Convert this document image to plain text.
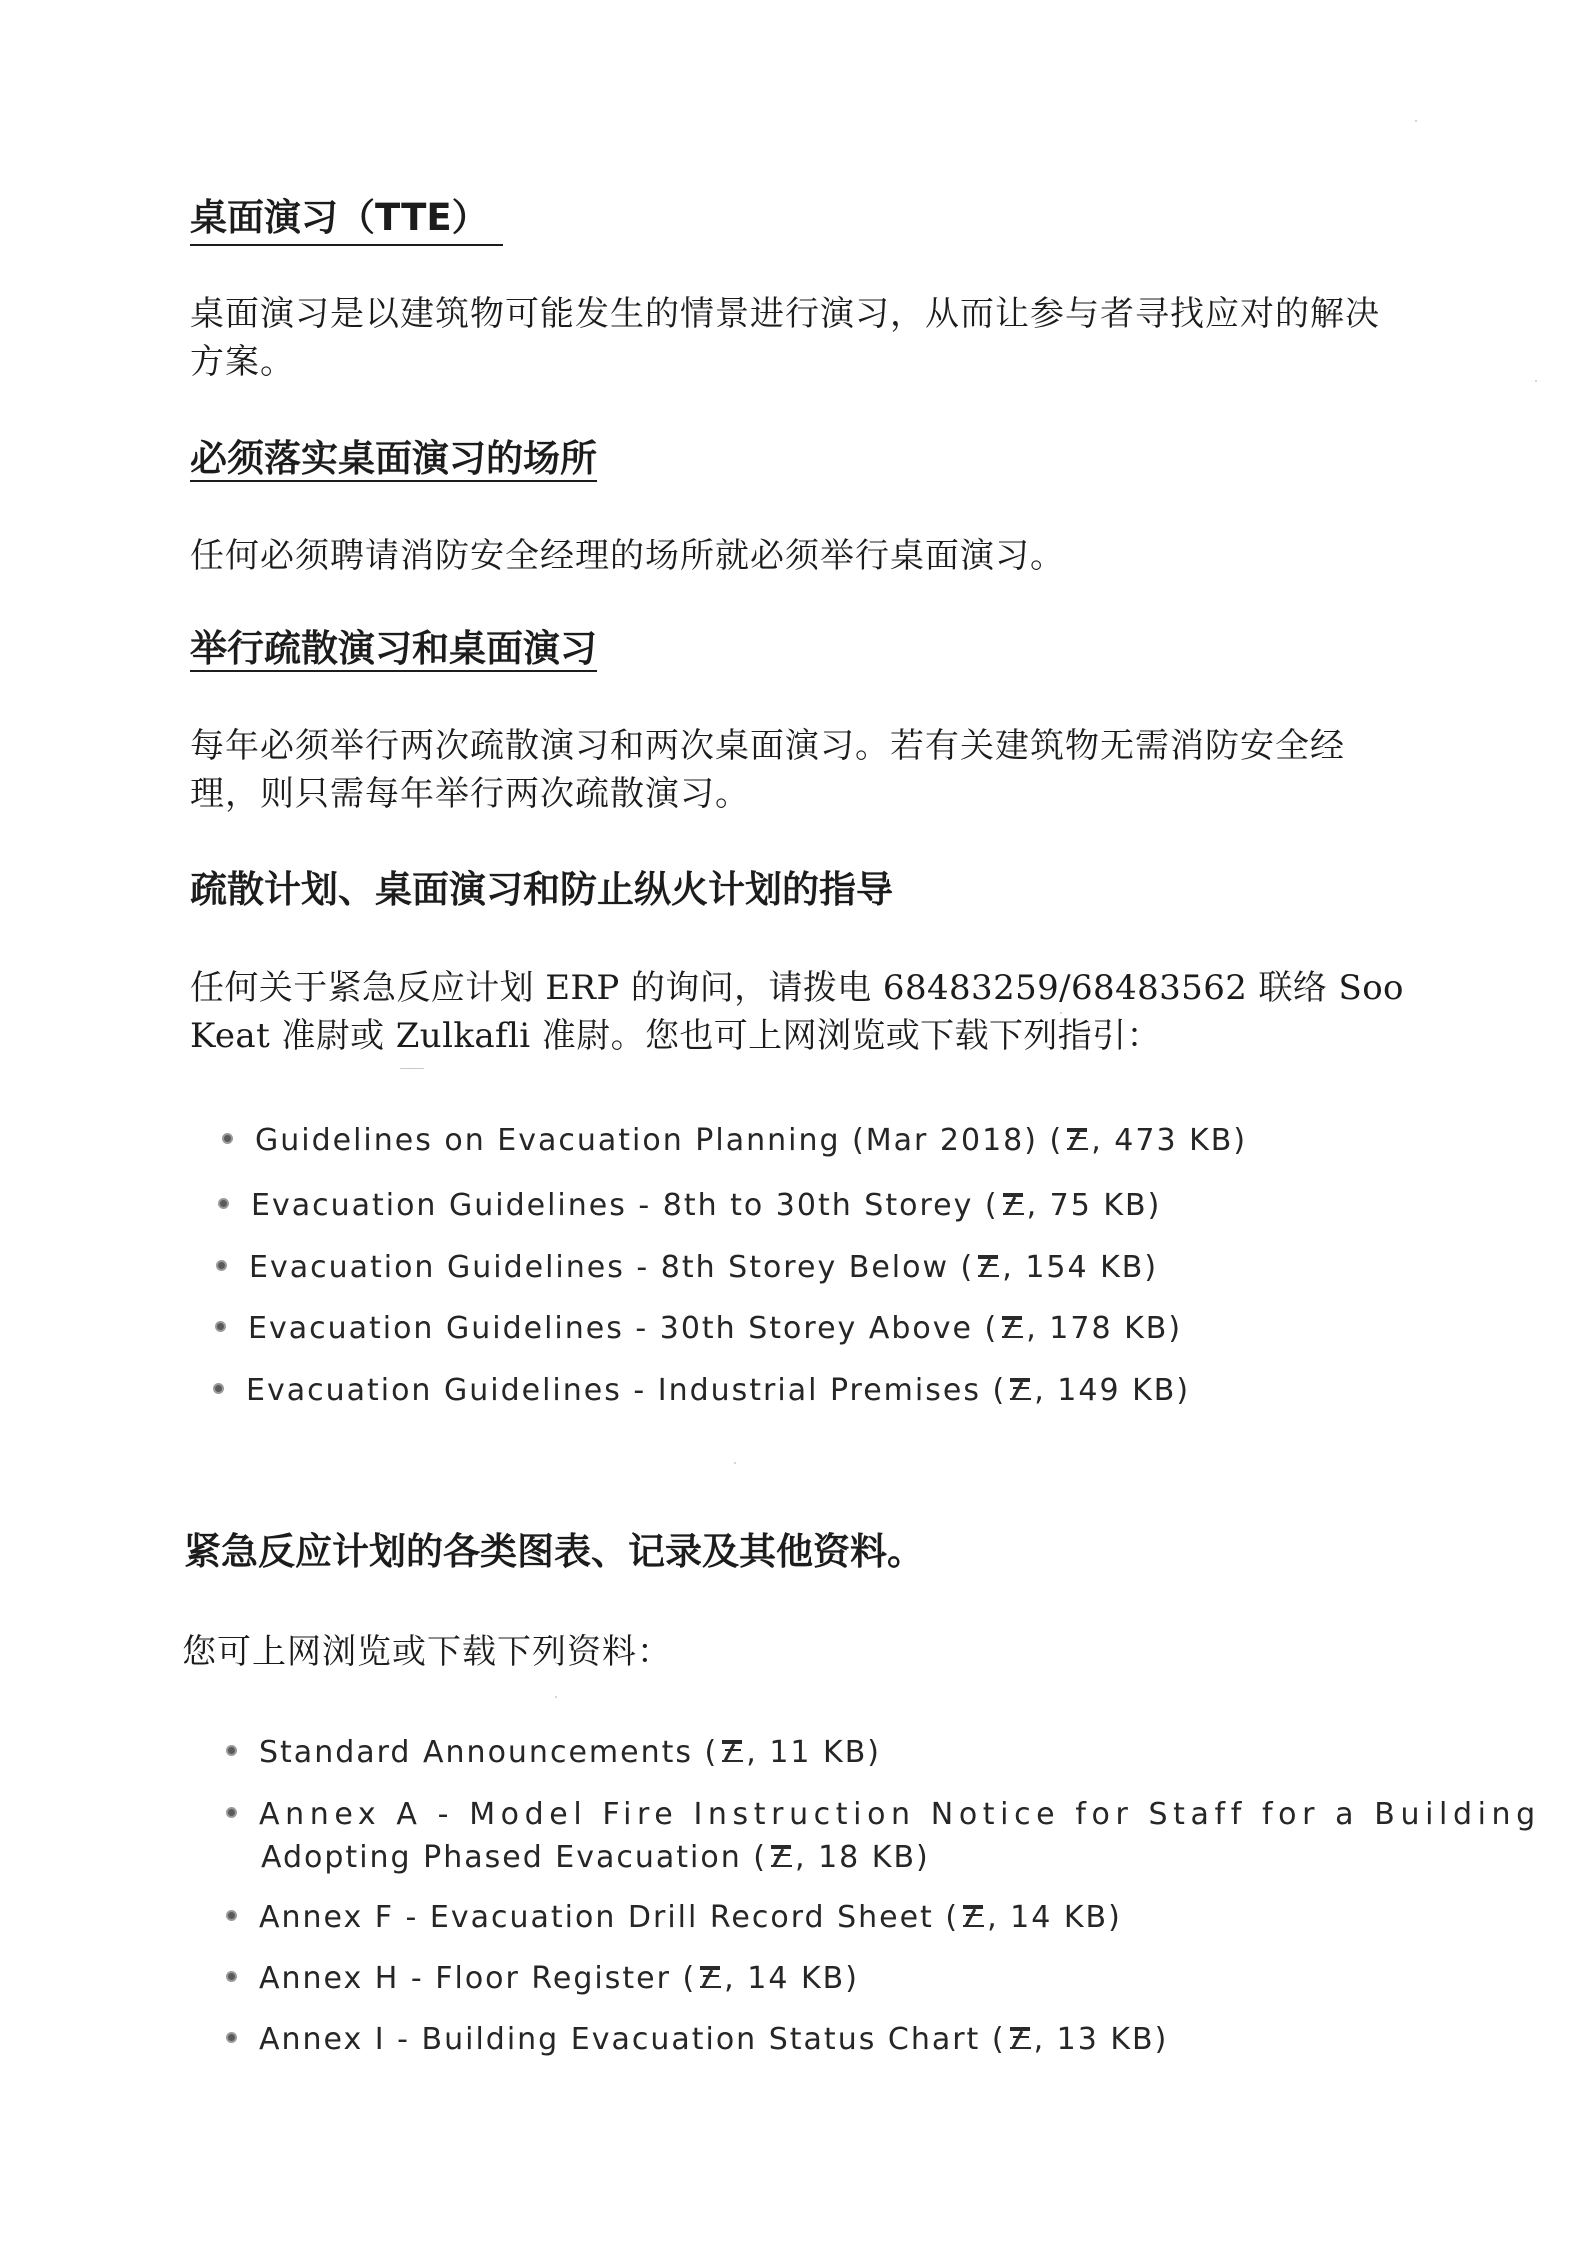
桌面演习（TTE）

桌面演习是以建筑物可能发生的情景进行演习，从而让参与者寻找应对的解决方案。

必须落实桌面演习的场所

任何必须聘请消防安全经理的场所就必须举行桌面演习。

举行疏散演习和桌面演习

每年必须举行两次疏散演习和两次桌面演习。若有关建筑物无需消防安全经理，则只需每年举行两次疏散演习。

疏散计划、桌面演习和防止纵火计划的指导

任何关于紧急反应计划 ERP 的询问，请拨电 68483259/68483562 联络 Soo Keat 准尉或 Zulkafli 准尉。您也可上网浏览或下载下列指引：

Guidelines on Evacuation Planning (Mar 2018) ( , 473 KB)
Evacuation Guidelines - 8th to 30th Storey ( , 75 KB)
Evacuation Guidelines - 8th Storey Below ( , 154 KB)
Evacuation Guidelines - 30th Storey Above ( , 178 KB)
Evacuation Guidelines - Industrial Premises ( , 149 KB)
紧急反应计划的各类图表、记录及其他资料。

您可上网浏览或下载下列资料：

Standard Announcements ( , 11 KB)
Annex A - Model Fire Instruction Notice for Staff for a Building
Adopting Phased Evacuation ( , 18 KB)
Annex F - Evacuation Drill Record Sheet ( , 14 KB)
Annex H - Floor Register ( , 14 KB)
Annex I - Building Evacuation Status Chart ( , 13 KB)
